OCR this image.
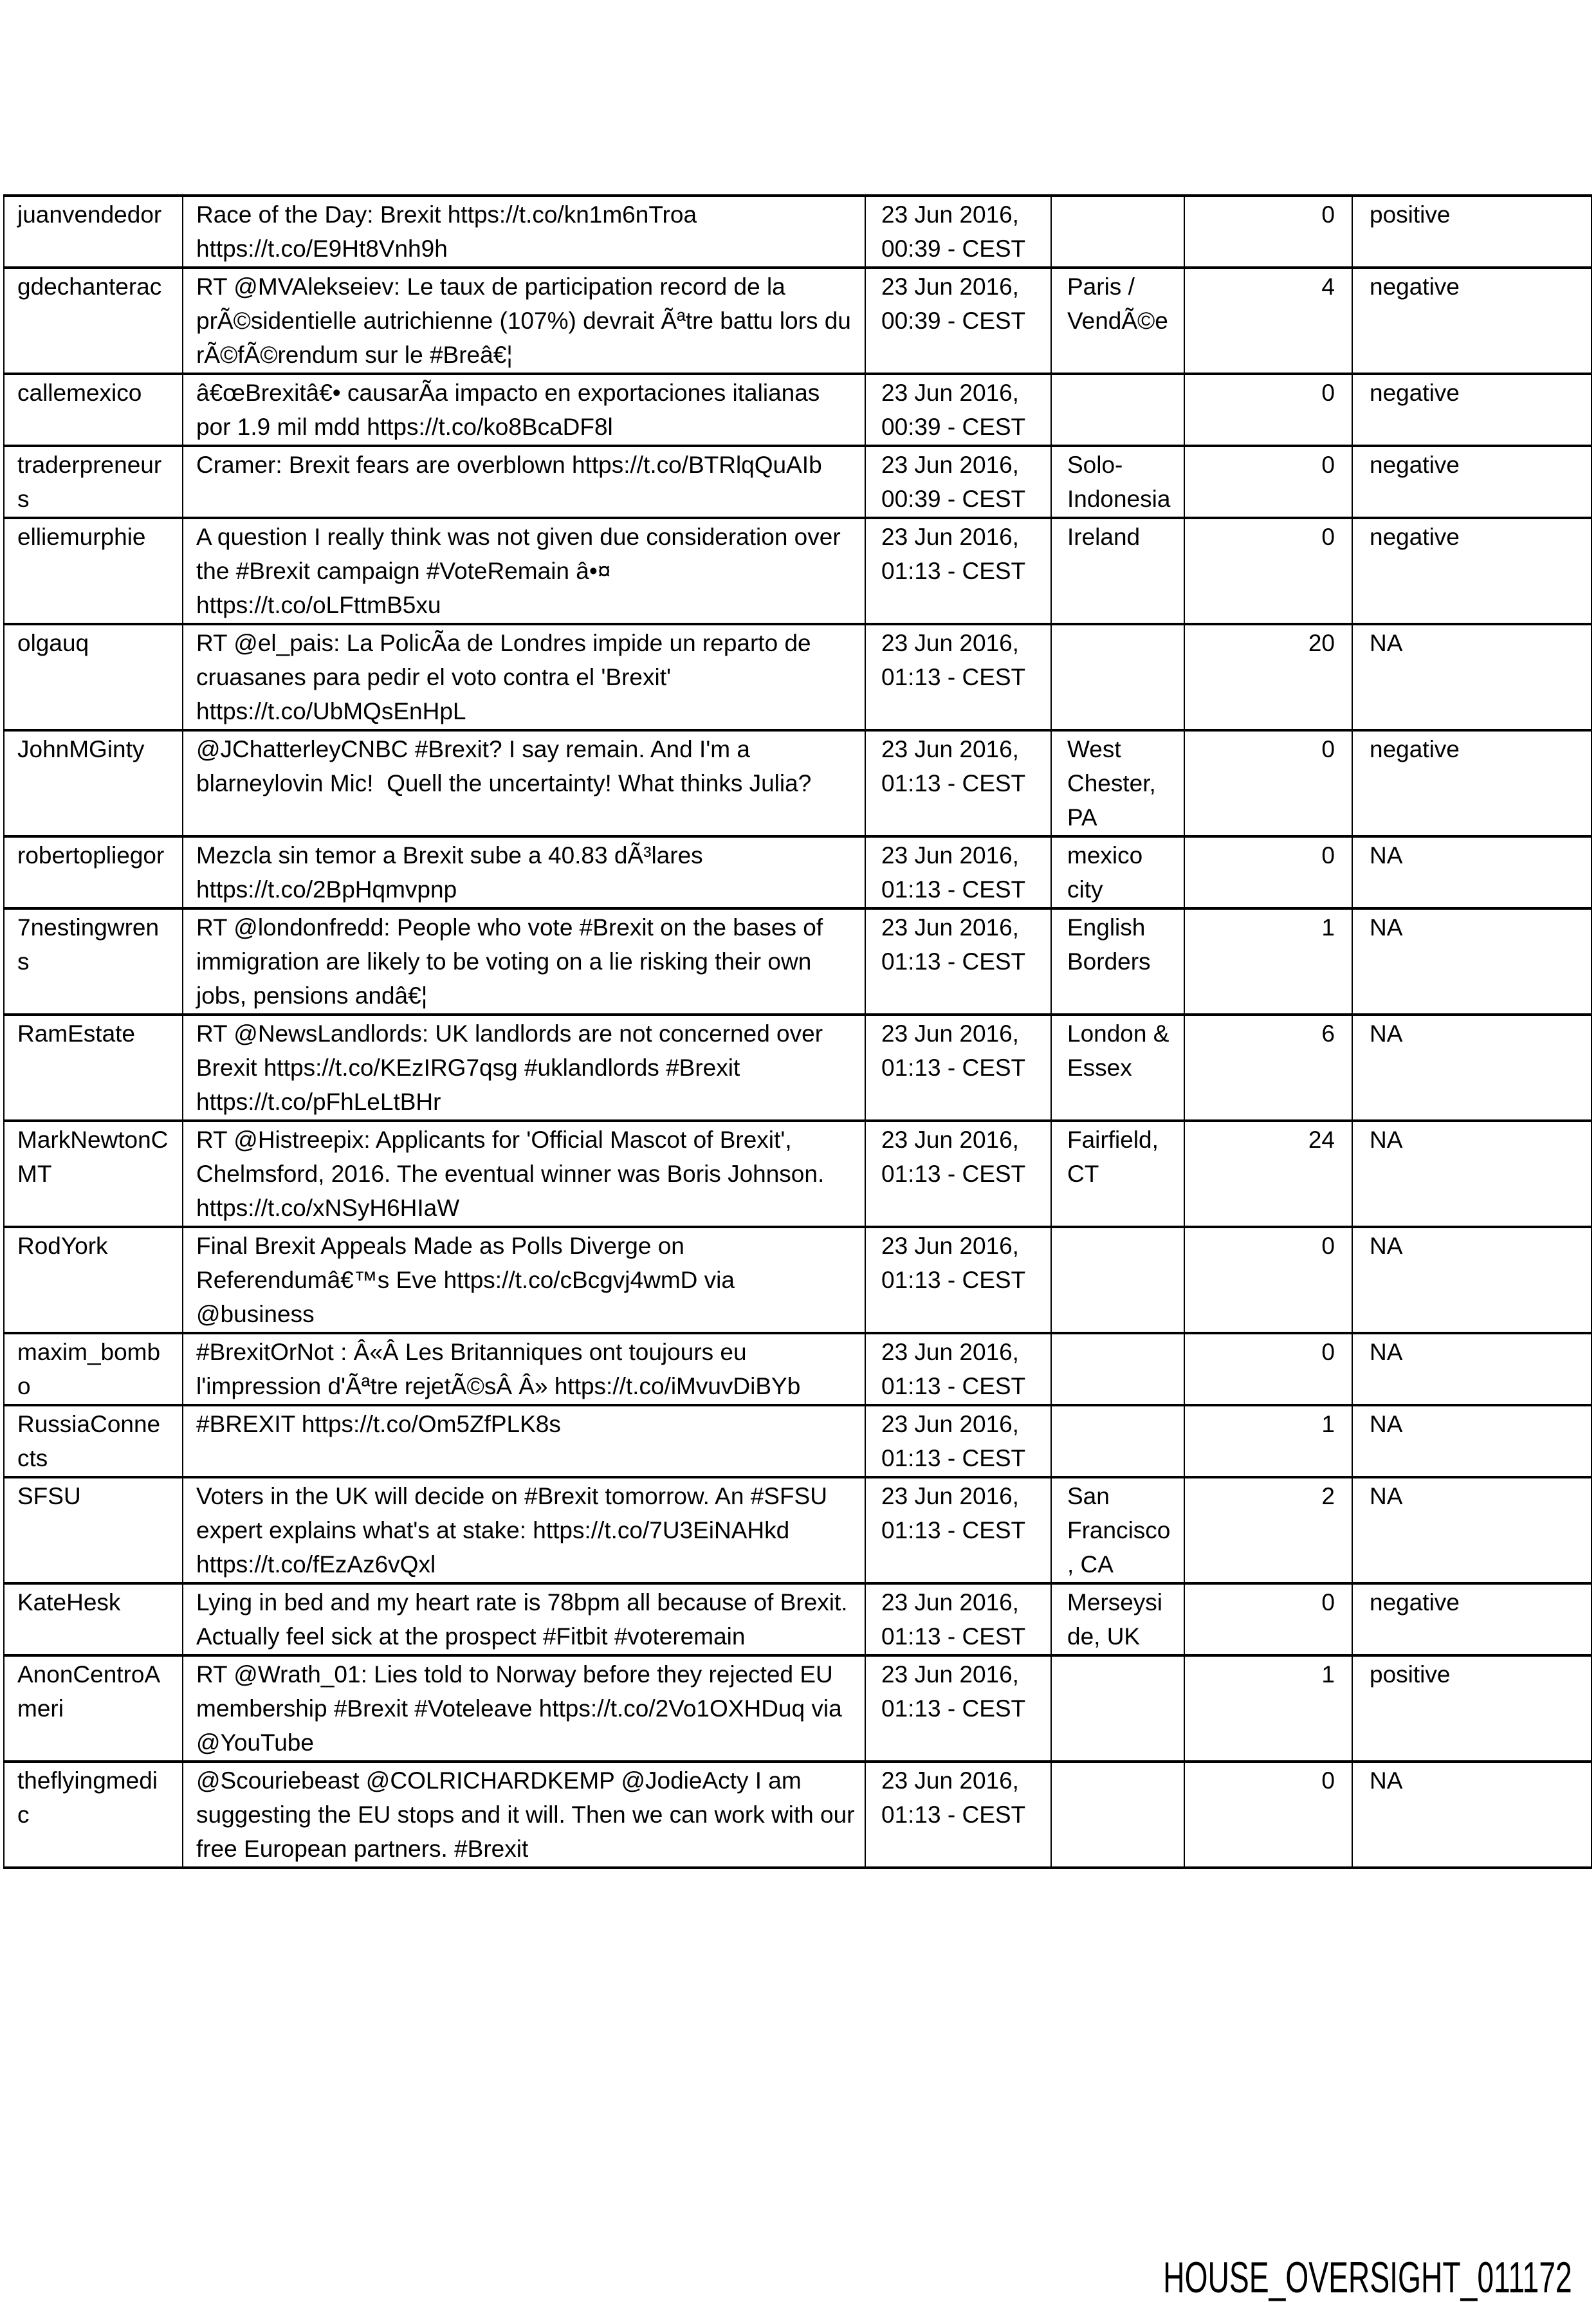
juanvendedor	Race of the Day: Brexit https://t.co/kn1m6nTroa https://t.co/E9Ht8Vnh9h	23 Jun 2016, 00:39 - CEST		0	positive
gdechanterac	RT @MVAlekseiev: Le taux de participation record de la prÃ©sidentielle autrichienne (107%) devrait Ãªtre battu lors du rÃ©fÃ©rendum sur le #Breâ€¦	23 Jun 2016, 00:39 - CEST	Paris / VendÃ©e	4	negative
callemexico	â€œBrexitâ€• causarÃa impacto en exportaciones italianas por 1.9 mil mdd https://t.co/ko8BcaDF8l	23 Jun 2016, 00:39 - CEST		0	negative
traderpreneurs	Cramer: Brexit fears are overblown https://t.co/BTRlqQuAIb	23 Jun 2016, 00:39 - CEST	Solo-Indonesia	0	negative
elliemurphie	A question I really think was not given due consideration over the #Brexit campaign #VoteRemain â•¤ https://t.co/oLFttmB5xu	23 Jun 2016, 01:13 - CEST	Ireland	0	negative
olgauq	RT @el_pais: La PolicÃa de Londres impide un reparto de cruasanes para pedir el voto contra el 'Brexit' https://t.co/UbMQsEnHpL	23 Jun 2016, 01:13 - CEST		20	NA
JohnMGinty	@JChatterleyCNBC #Brexit? I say remain. And I'm a blarneylovin Mic!  Quell the uncertainty! What thinks Julia?	23 Jun 2016, 01:13 - CEST	West Chester, PA	0	negative
robertopliegor	Mezcla sin temor a Brexit sube a 40.83 dÃ³lares https://t.co/2BpHqmvpnp	23 Jun 2016, 01:13 - CEST	mexico city	0	NA
7nestingwrens	RT @londonfredd: People who vote #Brexit on the bases of immigration are likely to be voting on a lie risking their own jobs, pensions andâ€¦	23 Jun 2016, 01:13 - CEST	English Borders	1	NA
RamEstate	RT @NewsLandlords: UK landlords are not concerned over Brexit https://t.co/KEzIRG7qsg #uklandlords #Brexit https://t.co/pFhLeLtBHr	23 Jun 2016, 01:13 - CEST	London & Essex	6	NA
MarkNewtonCMT	RT @Histreepix: Applicants for 'Official Mascot of Brexit', Chelmsford, 2016. The eventual winner was Boris Johnson. https://t.co/xNSyH6HIaW	23 Jun 2016, 01:13 - CEST	Fairfield, CT	24	NA
RodYork	Final Brexit Appeals Made as Polls Diverge on Referendumâ€™s Eve https://t.co/cBcgvj4wmD via @business	23 Jun 2016, 01:13 - CEST		0	NA
maxim_bombo	#BrexitOrNot : Â«Â Les Britanniques ont toujours eu l'impression d'Ãªtre rejetÃ©sÂ Â» https://t.co/iMvuvDiBYb	23 Jun 2016, 01:13 - CEST		0	NA
RussiaConnects	#BREXIT https://t.co/Om5ZfPLK8s	23 Jun 2016, 01:13 - CEST		1	NA
SFSU	Voters in the UK will decide on #Brexit tomorrow. An #SFSU expert explains what's at stake: https://t.co/7U3EiNAHkd https://t.co/fEzAz6vQxl	23 Jun 2016, 01:13 - CEST	San Francisco, CA	2	NA
KateHesk	Lying in bed and my heart rate is 78bpm all because of Brexit. Actually feel sick at the prospect #Fitbit #voteremain	23 Jun 2016, 01:13 - CEST	Merseyside, UK	0	negative
AnonCentroAmeri	RT @Wrath_01: Lies told to Norway before they rejected EU membership #Brexit #Voteleave https://t.co/2Vo1OXHDuq via @YouTube	23 Jun 2016, 01:13 - CEST		1	positive
theflyingmedic	@Scouriebeast @COLRICHARDKEMP @JodieActy I am suggesting the EU stops and it will. Then we can work with our free European partners. #Brexit	23 Jun 2016, 01:13 - CEST		0	NA
HOUSE_OVERSIGHT_011172
